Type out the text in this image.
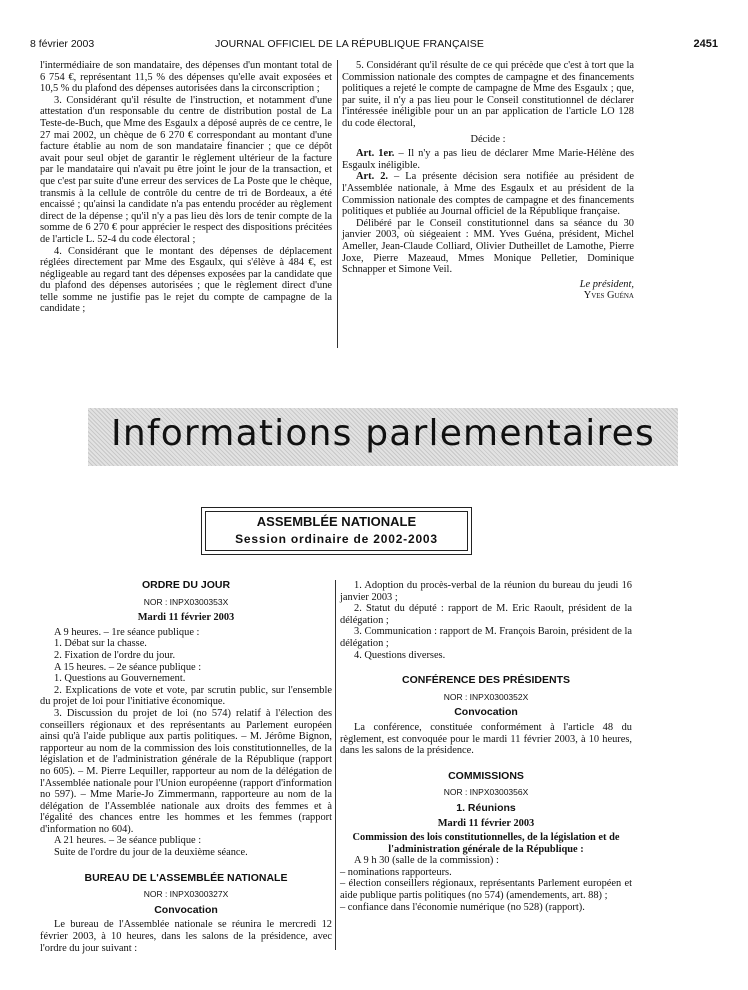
8 février 2003	JOURNAL OFFICIEL DE LA RÉPUBLIQUE FRANÇAISE	2451

l'intermédiaire de son mandataire, des dépenses d'un montant total de 6 754 €, représentant 11,5 % des dépenses qu'elle avait exposées et 10,5 % du plafond des dépenses autorisées dans la circonscription ;

3. Considérant qu'il résulte de l'instruction, et notamment d'une attestation d'un responsable du centre de distribution postal de La Teste-de-Buch, que Mme des Esgaulx a déposé auprès de ce centre, le 27 mai 2002, un chèque de 6 270 € correspondant au montant d'une facture établie au nom de son mandataire financier ; que ce dépôt avait pour seul objet de garantir le règlement ultérieur de la facture par le mandataire qui n'avait pu être joint le jour de la transaction, et que c'est par suite d'une erreur des services de La Poste que le chèque, transmis à la cellule de contrôle du centre de tri de Bordeaux, a été encaissé ; qu'ainsi la candidate n'a pas entendu procéder au règlement direct de la dépense ; qu'il n'y a pas lieu dès lors de tenir compte de la somme de 6 270 € pour apprécier le respect des dispositions précitées de l'article L. 52-4 du code électoral ;

4. Considérant que le montant des dépenses de déplacement réglées directement par Mme des Esgaulx, qui s'élève à 484 €, est négligeable au regard tant des dépenses exposées par la candidate que du plafond des dépenses autorisées ; que le règlement direct d'une telle somme ne justifie pas le rejet du compte de campagne de la candidate ;

5. Considérant qu'il résulte de ce qui précède que c'est à tort que la Commission nationale des comptes de campagne et des financements politiques a rejeté le compte de campagne de Mme des Esgaulx ; que, par suite, il n'y a pas lieu pour le Conseil constitutionnel de déclarer l'intéressée inéligible pour un an par application de l'article LO 128 du code électoral,

Décide :

Art. 1er. – Il n'y a pas lieu de déclarer Mme Marie-Hélène des Esgaulx inéligible.

Art. 2. – La présente décision sera notifiée au président de l'Assemblée nationale, à Mme des Esgaulx et au président de la Commission nationale des comptes de campagne et des financements politiques et publiée au Journal officiel de la République française.

Délibéré par le Conseil constitutionnel dans sa séance du 30 janvier 2003, où siégeaient : MM. Yves Guéna, président, Michel Ameller, Jean-Claude Colliard, Olivier Dutheillet de Lamothe, Pierre Joxe, Pierre Mazeaud, Mmes Monique Pelletier, Dominique Schnapper et Simone Veil.

Le président,

Yves Guéna

Informations parlementaires
ASSEMBLÉE NATIONALE
Session ordinaire de 2002-2003

ORDRE DU JOUR

NOR : INPX0300353X

Mardi 11 février 2003

A 9 heures. – 1re séance publique :

1. Débat sur la chasse.

2. Fixation de l'ordre du jour.

A 15 heures. – 2e séance publique :

1. Questions au Gouvernement.

2. Explications de vote et vote, par scrutin public, sur l'ensemble du projet de loi pour l'initiative économique.

3. Discussion du projet de loi (no 574) relatif à l'élection des conseillers régionaux et des représentants au Parlement européen ainsi qu'à l'aide publique aux partis politiques. – M. Jérôme Bignon, rapporteur au nom de la commission des lois constitutionnelles, de la législation et de l'administration générale de la République (rapport no 605). – M. Pierre Lequiller, rapporteur au nom de la délégation de l'Assemblée nationale pour l'Union européenne (rapport d'information no 597). – Mme Marie-Jo Zimmermann, rapporteure au nom de la délégation de l'Assemblée nationale aux droits des femmes et à l'égalité des chances entre les hommes et les femmes (rapport d'information no 604).

A 21 heures. – 3e séance publique :

Suite de l'ordre du jour de la deuxième séance.

BUREAU DE L'ASSEMBLÉE NATIONALE

NOR : INPX0300327X

Convocation

Le bureau de l'Assemblée nationale se réunira le mercredi 12 février 2003, à 10 heures, dans les salons de la présidence, avec l'ordre du jour suivant :

1. Adoption du procès-verbal de la réunion du bureau du jeudi 16 janvier 2003 ;

2. Statut du député : rapport de M. Eric Raoult, président de la délégation ;

3. Communication : rapport de M. François Baroin, président de la délégation ;

4. Questions diverses.

CONFÉRENCE DES PRÉSIDENTS

NOR : INPX0300352X

Convocation

La conférence, constituée conformément à l'article 48 du règlement, est convoquée pour le mardi 11 février 2003, à 10 heures, dans les salons de la présidence.

COMMISSIONS

NOR : INPX0300356X

1. Réunions

Mardi 11 février 2003

Commission des lois constitutionnelles, de la législation et de l'administration générale de la République :

A 9 h 30 (salle de la commission) :

– nominations rapporteurs.

– élection conseillers régionaux, représentants Parlement européen et aide publique partis politiques (no 574) (amendements, art. 88) ;

– confiance dans l'économie numérique (no 528) (rapport).
